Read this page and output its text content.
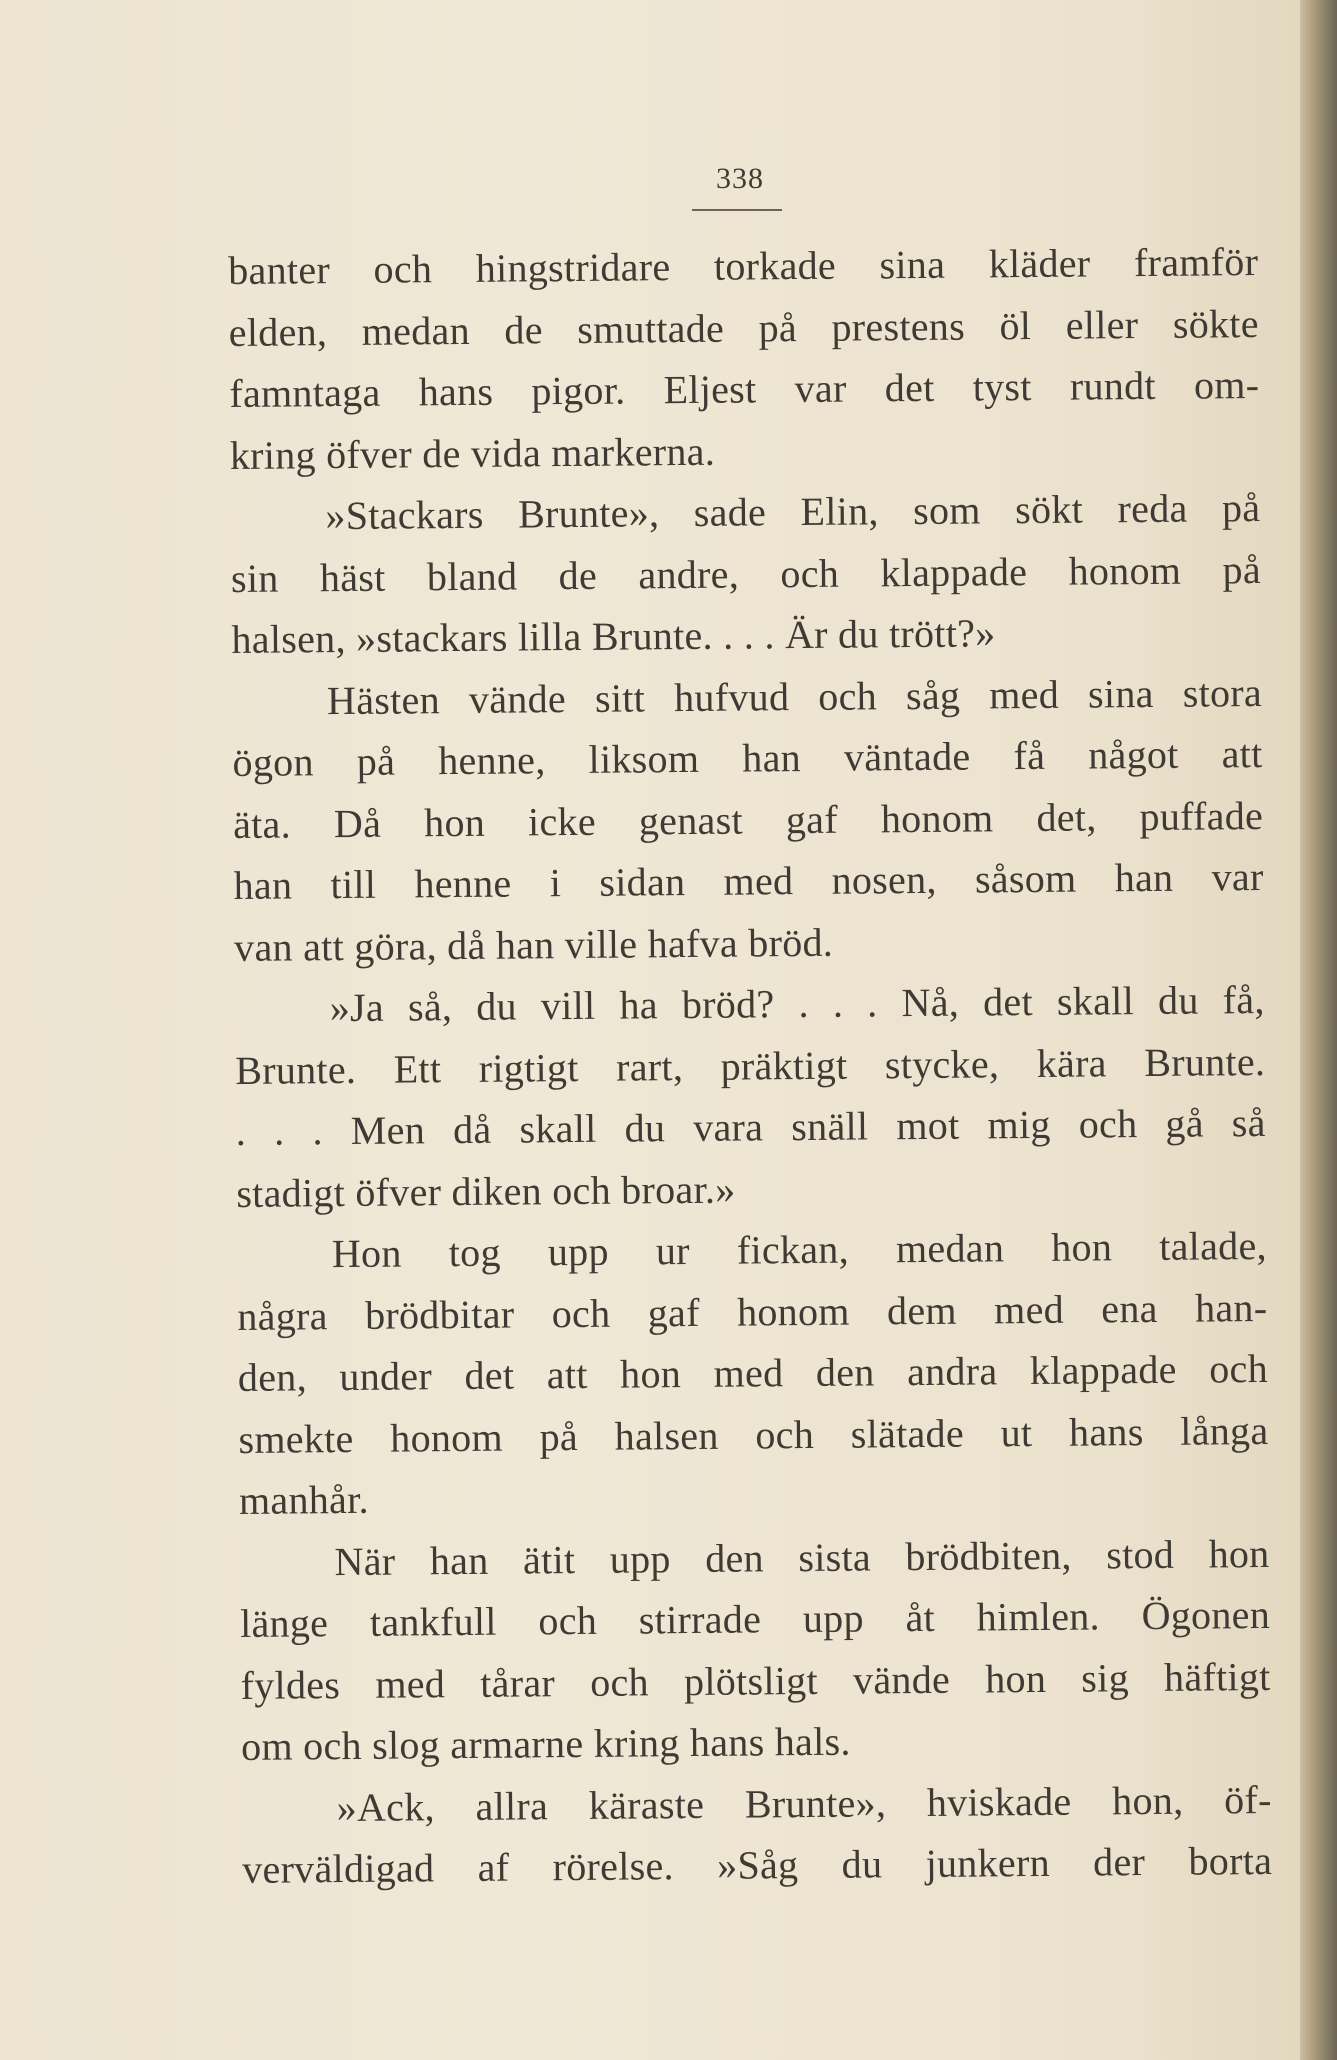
338
banter och hingstridare torkade sina kläder framför
elden, medan de smuttade på prestens öl eller sökte
famntaga hans pigor. Eljest var det tyst rundt om-
kring öfver de vida markerna.
»Stackars Brunte», sade Elin, som sökt reda på
sin häst bland de andre, och klappade honom på
halsen, »stackars lilla Brunte. . . . Är du trött?»
Hästen vände sitt hufvud och såg med sina stora
ögon på henne, liksom han väntade få något att
äta. Då hon icke genast gaf honom det, puffade
han till henne i sidan med nosen, såsom han var
van att göra, då han ville hafva bröd.
»Ja så, du vill ha bröd? . . . Nå, det skall du få,
Brunte. Ett rigtigt rart, präktigt stycke, kära Brunte.
. . . Men då skall du vara snäll mot mig och gå så
stadigt öfver diken och broar.»
Hon tog upp ur fickan, medan hon talade,
några brödbitar och gaf honom dem med ena han-
den, under det att hon med den andra klappade och
smekte honom på halsen och slätade ut hans långa
manhår.
När han ätit upp den sista brödbiten, stod hon
länge tankfull och stirrade upp åt himlen. Ögonen
fyldes med tårar och plötsligt vände hon sig häftigt
om och slog armarne kring hans hals.
»Ack, allra käraste Brunte», hviskade hon, öf-
verväldigad af rörelse. »Såg du junkern der borta
